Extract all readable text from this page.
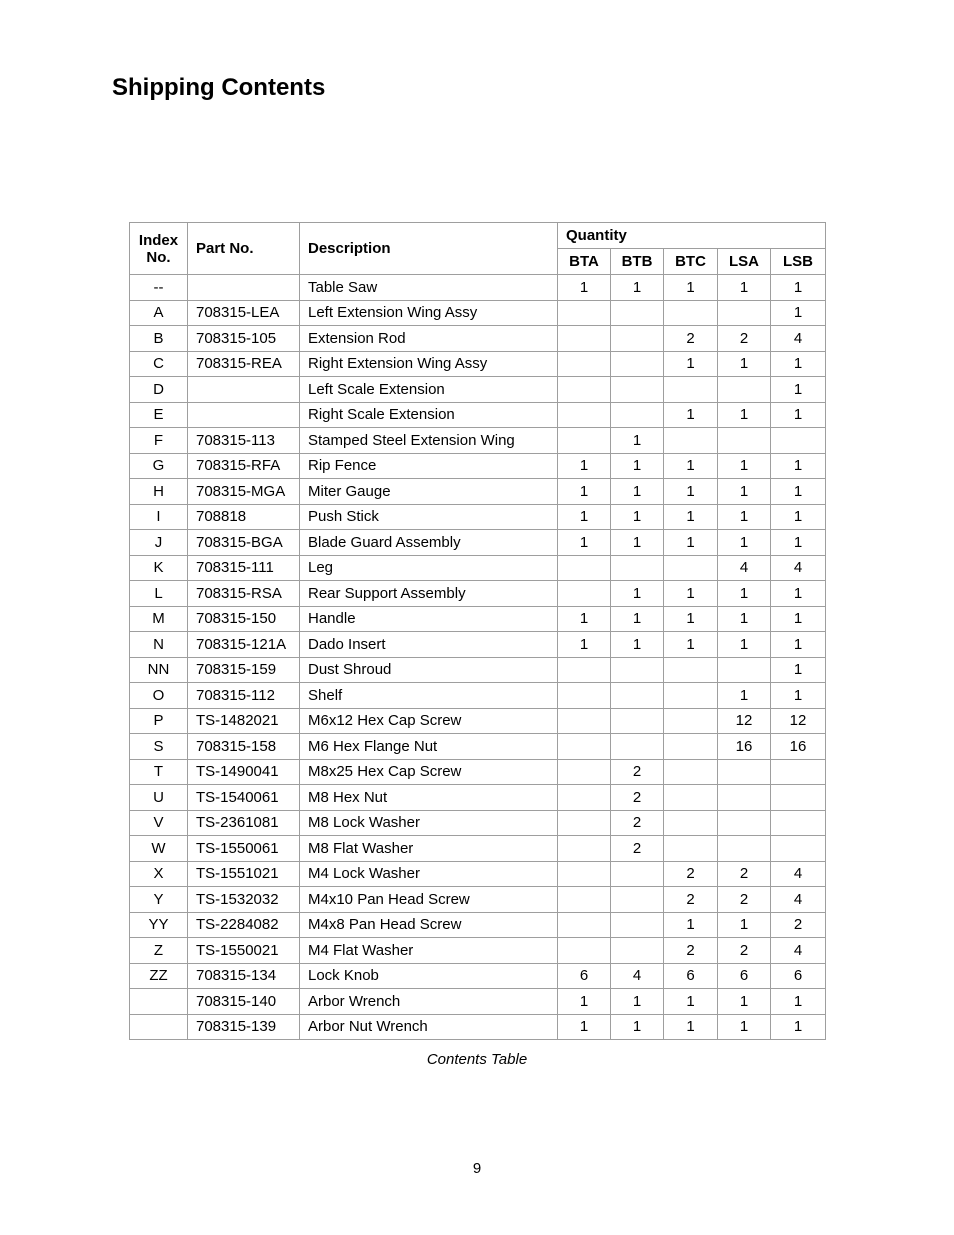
Shipping Contents
Index
No.	Part No.	Description	Quantity				
			BTA	BTB	BTC	LSA	LSB
--		Table Saw	1	1	1	1	1
A	708315-LEA	Left Extension Wing Assy					1
B	708315-105	Extension Rod			2	2	4
C	708315-REA	Right Extension Wing Assy			1	1	1
D		Left Scale Extension					1
E		Right Scale Extension			1	1	1
F	708315-113	Stamped Steel Extension Wing		1			
G	708315-RFA	Rip Fence	1	1	1	1	1
H	708315-MGA	Miter Gauge	1	1	1	1	1
I	708818	Push Stick	1	1	1	1	1
J	708315-BGA	Blade Guard Assembly	1	1	1	1	1
K	708315-111	Leg				4	4
L	708315-RSA	Rear Support Assembly		1	1	1	1
M	708315-150	Handle	1	1	1	1	1
N	708315-121A	Dado Insert	1	1	1	1	1
NN	708315-159	Dust Shroud					1
O	708315-112	Shelf				1	1
P	TS-1482021	M6x12 Hex Cap Screw				12	12
S	708315-158	M6 Hex Flange Nut				16	16
T	TS-1490041	M8x25 Hex Cap Screw		2			
U	TS-1540061	M8 Hex Nut		2			
V	TS-2361081	M8 Lock Washer		2			
W	TS-1550061	M8 Flat Washer		2			
X	TS-1551021	M4 Lock Washer			2	2	4
Y	TS-1532032	M4x10 Pan Head Screw			2	2	4
YY	TS-2284082	M4x8 Pan Head Screw			1	1	2
Z	TS-1550021	M4 Flat Washer			2	2	4
ZZ	708315-134	Lock Knob	6	4	6	6	6
	708315-140	Arbor Wrench	1	1	1	1	1
	708315-139	Arbor Nut Wrench	1	1	1	1	1
Contents Table
9
